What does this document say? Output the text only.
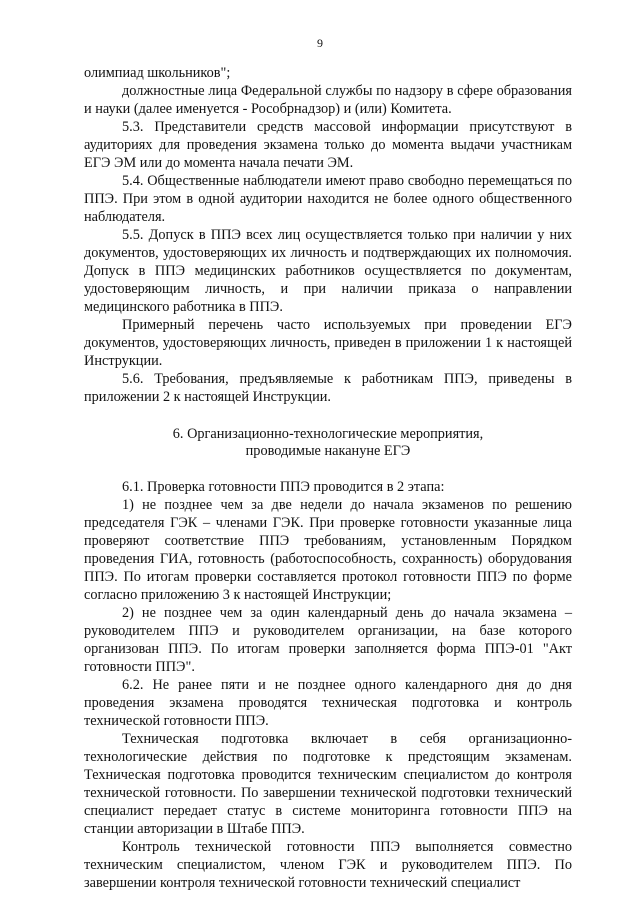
9

олимпиад школьников";

должностные лица Федеральной службы по надзору в сфере образования и науки (далее именуется - Рособрнадзор) и (или) Комитета.

5.3. Представители средств массовой информации присутствуют в аудиториях для проведения экзамена только до момента выдачи участникам ЕГЭ ЭМ или до момента начала печати ЭМ.

5.4. Общественные наблюдатели имеют право свободно перемещаться по ППЭ. При этом в одной аудитории находится не более одного общественного наблюдателя.

5.5. Допуск в ППЭ всех лиц осуществляется только при наличии у них документов, удостоверяющих их личность и подтверждающих их полномочия. Допуск в ППЭ медицинских работников осуществляется по документам, удостоверяющим личность, и при наличии приказа о направлении медицинского работника в ППЭ.

Примерный перечень часто используемых при проведении ЕГЭ документов, удостоверяющих личность, приведен в приложении 1 к настоящей Инструкции.

5.6. Требования, предъявляемые к работникам ППЭ, приведены в приложении 2 к настоящей Инструкции.

6. Организационно-технологические мероприятия,
проводимые накануне ЕГЭ

6.1. Проверка готовности ППЭ проводится в 2 этапа:

1) не позднее чем за две недели до начала экзаменов по решению председателя ГЭК – членами ГЭК. При проверке готовности указанные лица проверяют соответствие ППЭ требованиям, установленным Порядком проведения ГИА, готовность (работоспособность, сохранность) оборудования ППЭ. По итогам проверки составляется протокол готовности ППЭ по форме согласно приложению 3 к настоящей Инструкции;

2) не позднее чем за один календарный день до начала экзамена – руководителем ППЭ и руководителем организации, на базе которого организован ППЭ. По итогам проверки заполняется форма ППЭ-01 "Акт готовности ППЭ".

6.2. Не ранее пяти и не позднее одного календарного дня до дня проведения экзамена проводятся техническая подготовка и контроль технической готовности ППЭ.

Техническая подготовка включает в себя организационно-технологические действия по подготовке к предстоящим экзаменам. Техническая подготовка проводится техническим специалистом до контроля технической готовности. По завершении технической подготовки технический специалист передает статус в системе мониторинга готовности ППЭ на станции авторизации в Штабе ППЭ.

Контроль технической готовности ППЭ выполняется совместно техническим специалистом, членом ГЭК и руководителем ППЭ. По завершении контроля технической готовности технический специалист
